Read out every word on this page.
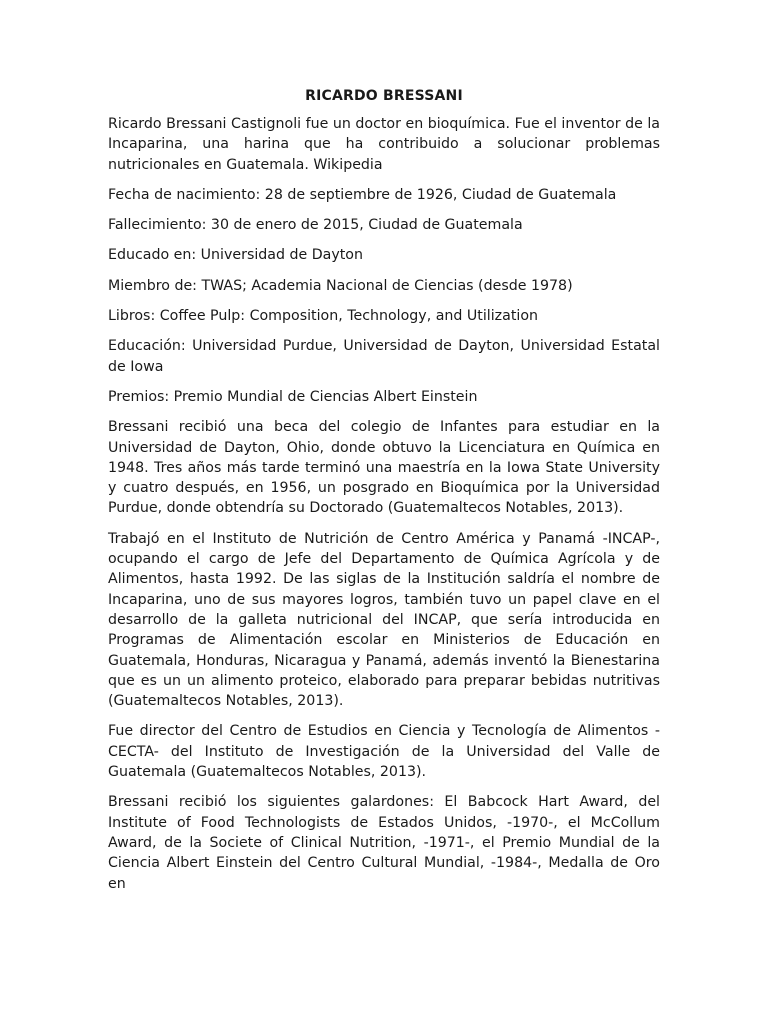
RICARDO BRESSANI

Ricardo Bressani Castignoli fue un doctor en bioquímica. Fue el inventor de la Incaparina, una harina que ha contribuido a solucionar problemas nutricionales en Guatemala. Wikipedia

Fecha de nacimiento: 28 de septiembre de 1926, Ciudad de Guatemala

Fallecimiento: 30 de enero de 2015, Ciudad de Guatemala

Educado en: Universidad de Dayton

Miembro de: TWAS; Academia Nacional de Ciencias (desde 1978)

Libros: Coffee Pulp: Composition, Technology, and Utilization

Educación: Universidad Purdue, Universidad de Dayton, Universidad Estatal de Iowa

Premios: Premio Mundial de Ciencias Albert Einstein

Bressani recibió una beca del colegio de Infantes para estudiar en la Universidad de Dayton, Ohio, donde obtuvo la Licenciatura en Química en 1948. Tres años más tarde terminó una maestría en la Iowa State University y cuatro después, en 1956, un posgrado en Bioquímica por la Universidad Purdue, donde obtendría su Doctorado (Guatemaltecos Notables, 2013).

Trabajó en el Instituto de Nutrición de Centro América y Panamá -INCAP-, ocupando el cargo de Jefe del Departamento de Química Agrícola y de Alimentos, hasta 1992. De las siglas de la Institución saldría el nombre de Incaparina, uno de sus mayores logros, también tuvo un papel clave en el desarrollo de la galleta nutricional del INCAP, que sería introducida en Programas de Alimentación escolar en Ministerios de Educación en Guatemala, Honduras, Nicaragua y Panamá, además inventó la Bienestarina que es un un alimento proteico, elaborado para preparar bebidas nutritivas (Guatemaltecos Notables, 2013).

Fue director del Centro de Estudios en Ciencia y Tecnología de Alimentos -CECTA- del Instituto de Investigación de la Universidad del Valle de Guatemala (Guatemaltecos Notables, 2013).

Bressani recibió los siguientes galardones: El Babcock Hart Award, del Institute of Food Technologists de Estados Unidos, -1970-, el McCollum Award, de la Societe of Clinical Nutrition, -1971-, el Premio Mundial de la Ciencia Albert Einstein del Centro Cultural Mundial, -1984-, Medalla de Oro en
